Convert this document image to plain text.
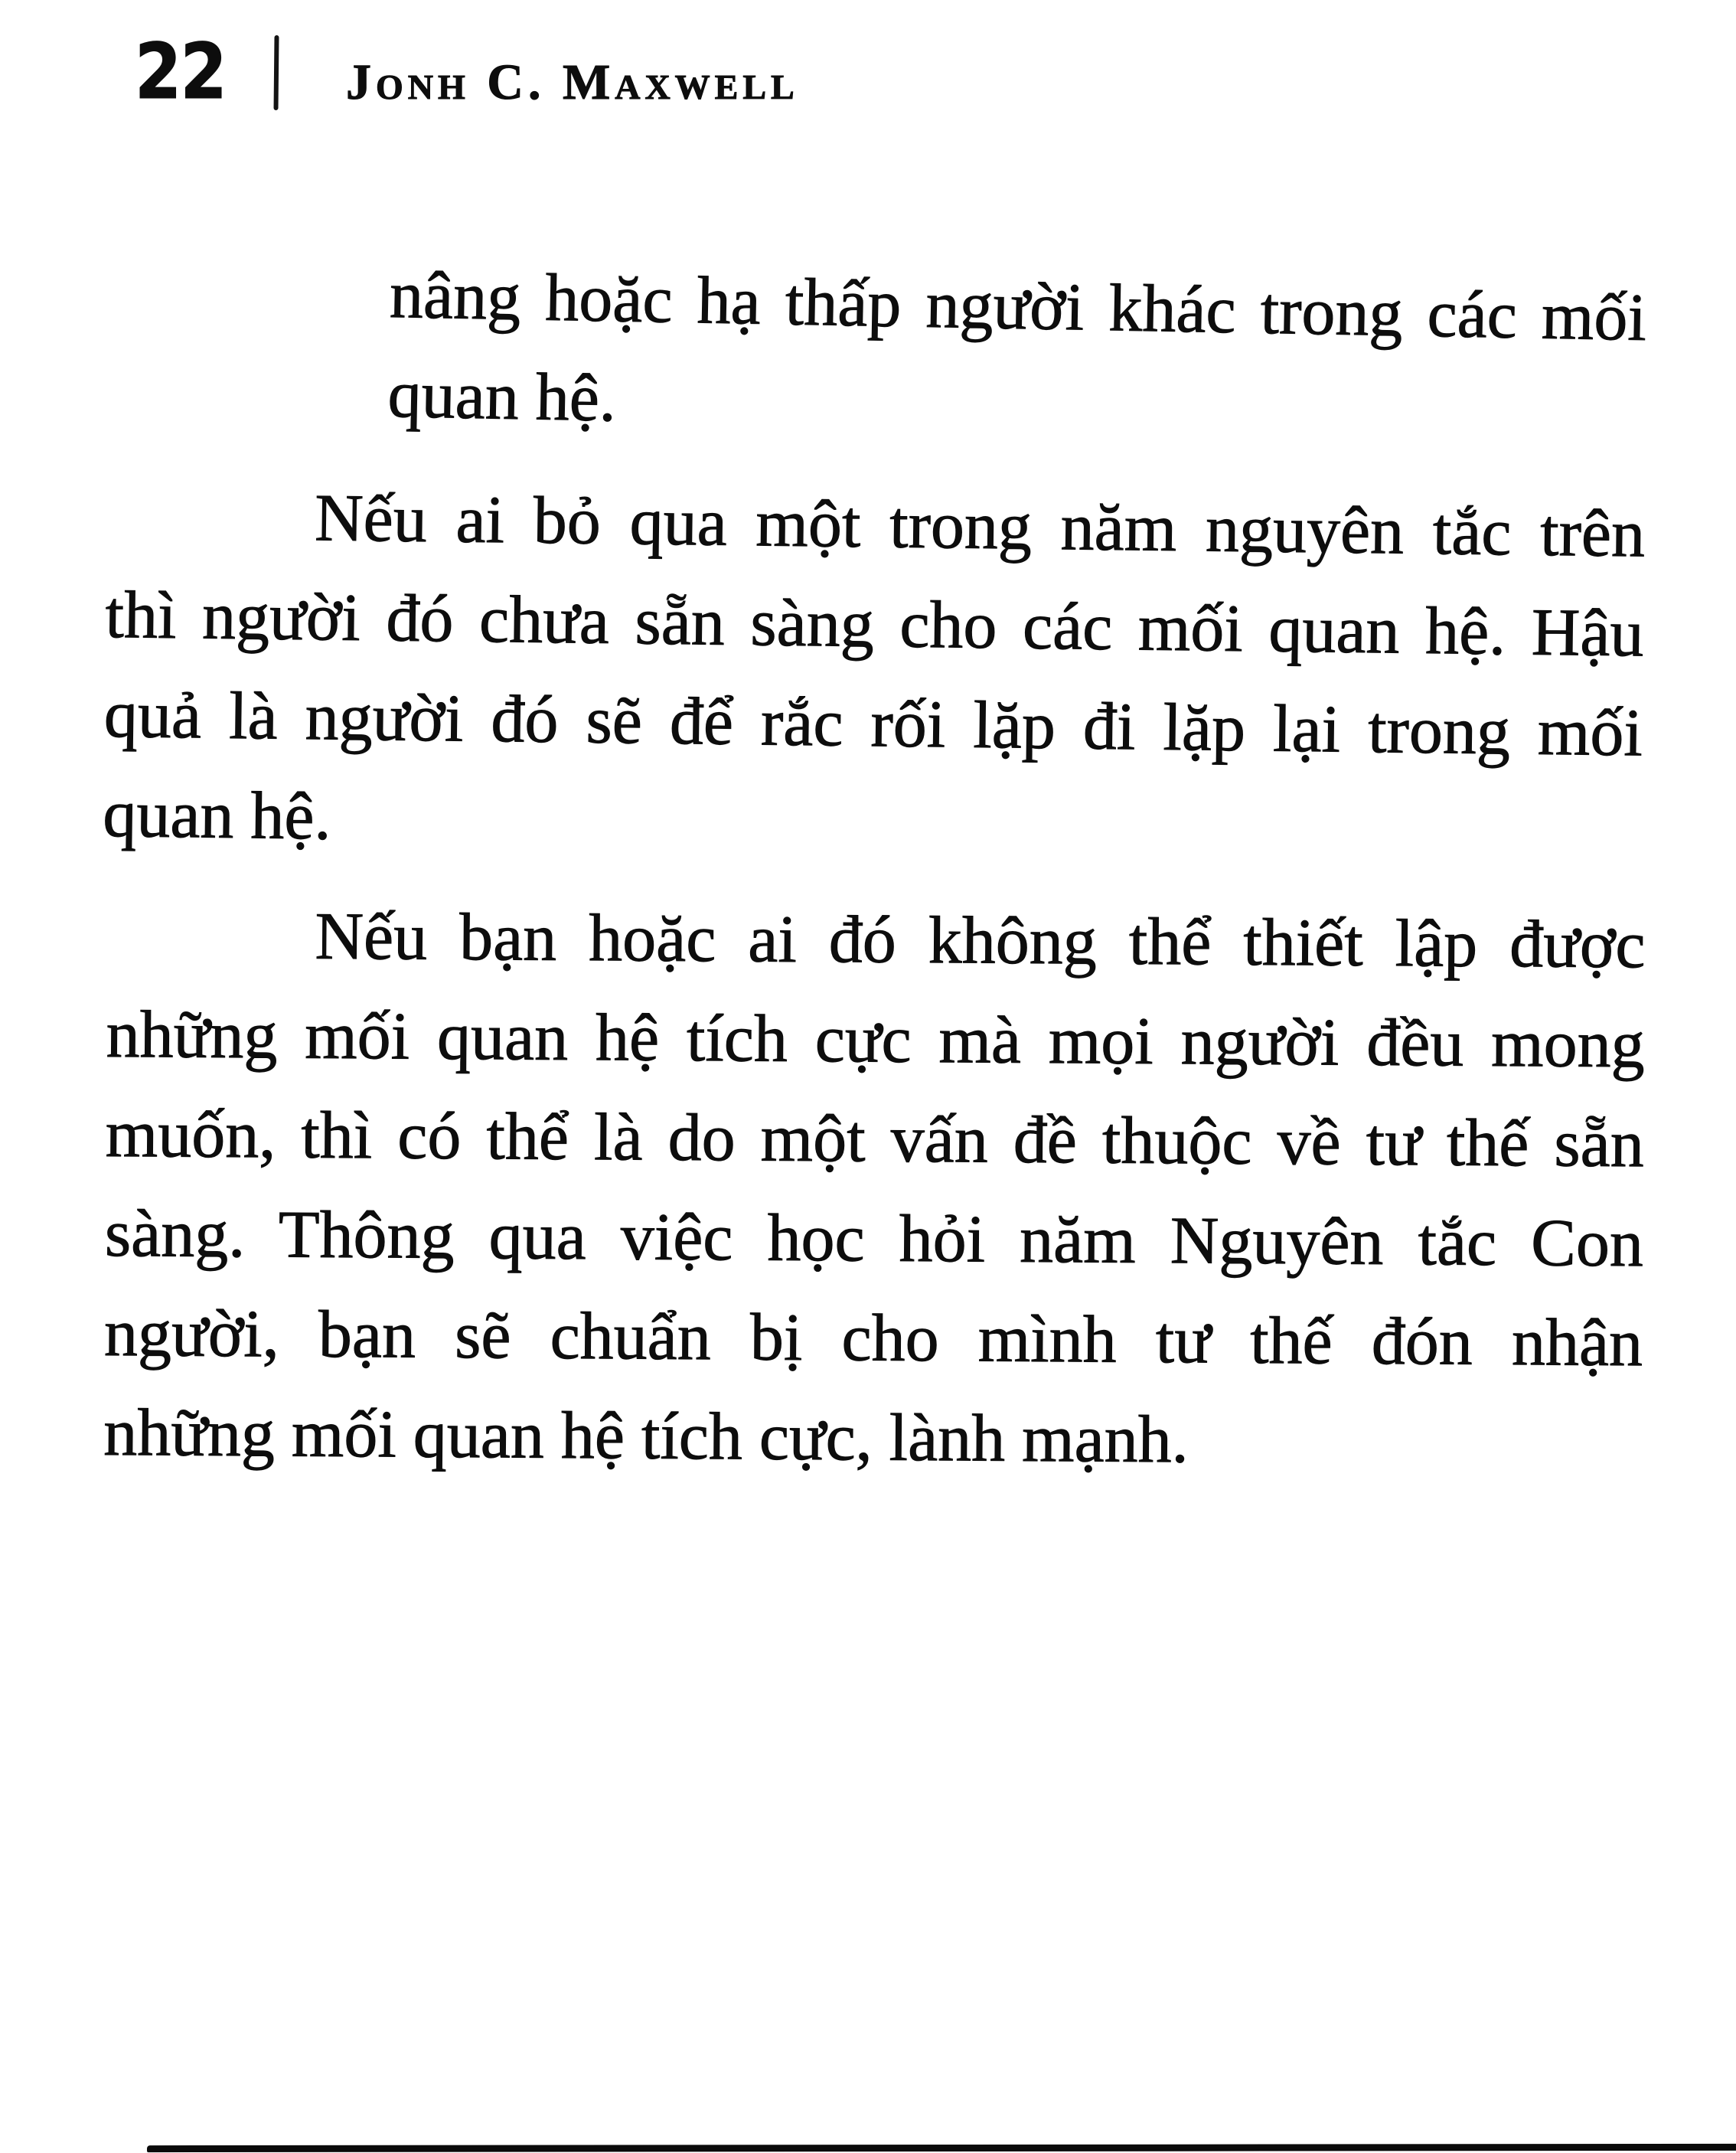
22 Jonh C. Maxwell
nâng hoặc hạ thấp người khác trong các mối
quan hệ.
Nếu ai bỏ qua một trong năm nguyên tắc trên
thì người đó chưa sẵn sàng cho các mối quan hệ. Hậu
quả là người đó sẽ để rắc rối lặp đi lặp lại trong mối
quan hệ.
Nếu bạn hoặc ai đó không thể thiết lập được
những mối quan hệ tích cực mà mọi người đều mong
muốn, thì có thể là do một vấn đề thuộc về tư thế sẵn
sàng. Thông qua việc học hỏi năm Nguyên tắc Con
người, bạn sẽ chuẩn bị cho mình tư thế đón nhận
những mối quan hệ tích cực, lành mạnh.
